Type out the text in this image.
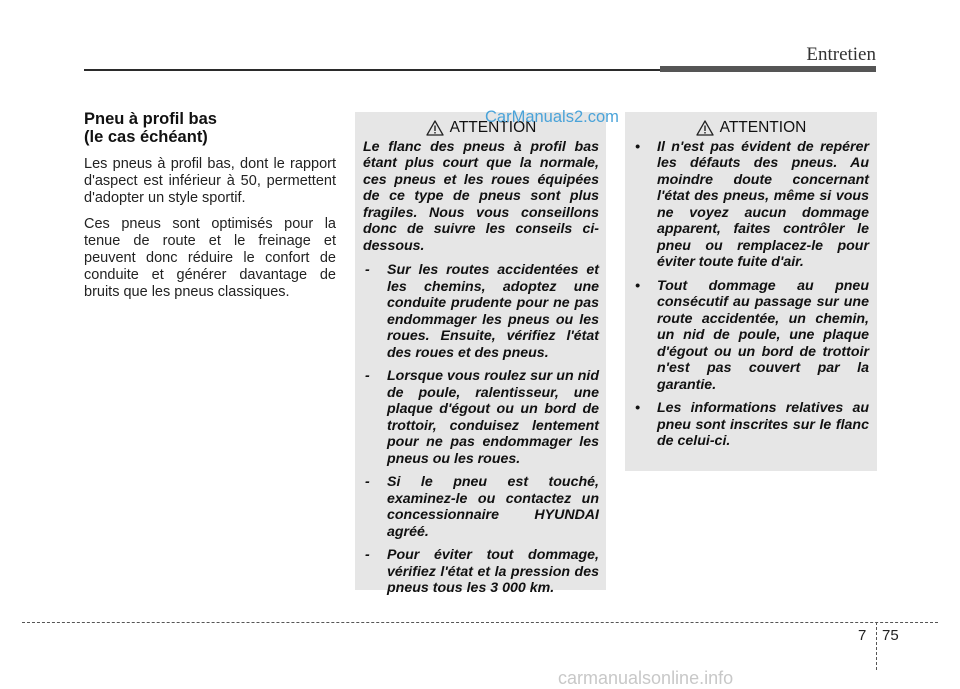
Entretien
Pneu à profil bas
(le cas échéant)

Les pneus à profil bas, dont le rapport d'aspect est inférieur à 50, permettent d'adopter un style sportif.

Ces pneus sont optimisés pour la tenue de route et le freinage et peuvent donc réduire le confort de conduite et générer davantage de bruits que les pneus classiques.

ATTENTION

Le flanc des pneus à profil bas étant plus court que la normale, ces pneus et les roues équipées de ce type de pneus sont plus fragiles. Nous vous conseillons donc de suivre les conseils ci-dessous.

- Sur les routes accidentées et les chemins, adoptez une conduite prudente pour ne pas endommager les pneus ou les roues. Ensuite, vérifiez l'état des roues et des pneus.
- Lorsque vous roulez sur un nid de poule, ralentisseur, une plaque d'égout ou un bord de trottoir, conduisez lentement pour ne pas endommager les pneus ou les roues.
- Si le pneu est touché, examinez-le ou contactez un concessionnaire HYUNDAI agréé.
- Pour éviter tout dommage, vérifiez l'état et la pression des pneus tous les 3 000 km.
CarManuals2.com
ATTENTION
• Il n'est pas évident de repérer les défauts des pneus. Au moindre doute concernant l'état des pneus, même si vous ne voyez aucun dommage apparent, faites contrôler le pneu ou remplacez-le pour éviter toute fuite d'air.
• Tout dommage au pneu consécutif au passage sur une route accidentée, un chemin, un nid de poule, une plaque d'égout ou un bord de trottoir n'est pas couvert par la garantie.
• Les informations relatives au pneu sont inscrites sur le flanc de celui-ci.
7 75
carmanualsonline.info
